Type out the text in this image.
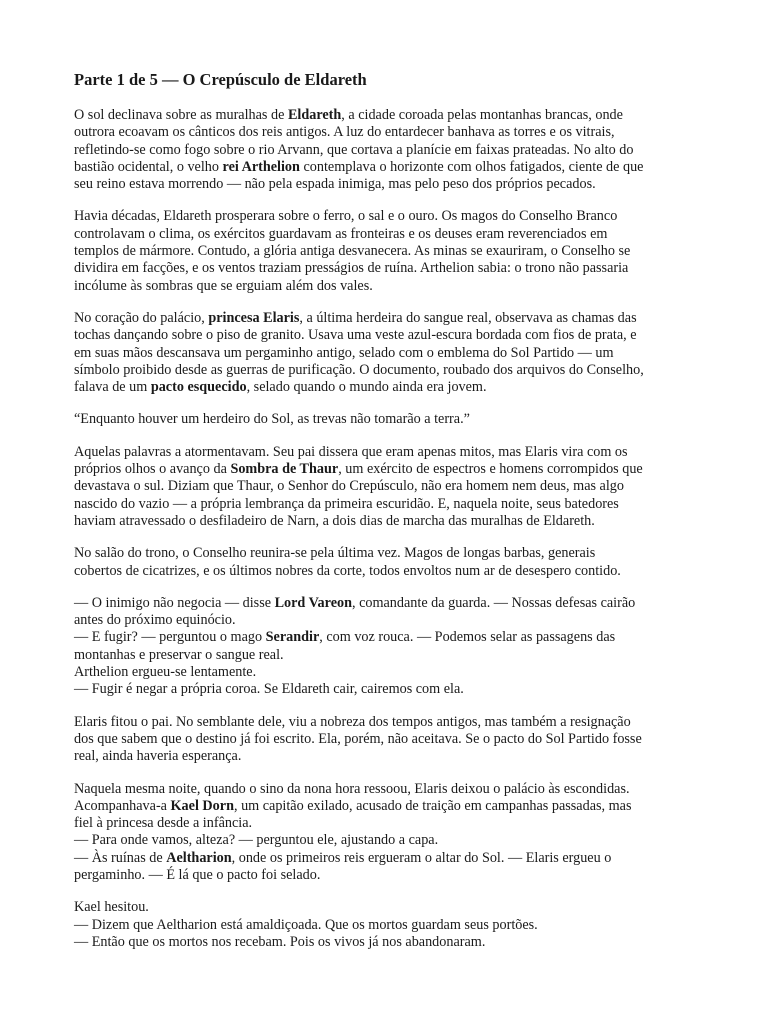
Parte 1 de 5 — O Crepúsculo de Eldareth

O sol declinava sobre as muralhas de Eldareth, a cidade coroada pelas montanhas brancas, onde
outrora ecoavam os cânticos dos reis antigos. A luz do entardecer banhava as torres e os vitrais,
refletindo-se como fogo sobre o rio Arvann, que cortava a planície em faixas prateadas. No alto do
bastião ocidental, o velho rei Arthelion contemplava o horizonte com olhos fatigados, ciente de que
seu reino estava morrendo — não pela espada inimiga, mas pelo peso dos próprios pecados.

Havia décadas, Eldareth prosperara sobre o ferro, o sal e o ouro. Os magos do Conselho Branco
controlavam o clima, os exércitos guardavam as fronteiras e os deuses eram reverenciados em
templos de mármore. Contudo, a glória antiga desvanecera. As minas se exauriram, o Conselho se
dividira em facções, e os ventos traziam presságios de ruína. Arthelion sabia: o trono não passaria
incólume às sombras que se erguiam além dos vales.

No coração do palácio, princesa Elaris, a última herdeira do sangue real, observava as chamas das
tochas dançando sobre o piso de granito. Usava uma veste azul-escura bordada com fios de prata, e
em suas mãos descansava um pergaminho antigo, selado com o emblema do Sol Partido — um
símbolo proibido desde as guerras de purificação. O documento, roubado dos arquivos do Conselho,
falava de um pacto esquecido, selado quando o mundo ainda era jovem.

“Enquanto houver um herdeiro do Sol, as trevas não tomarão a terra.”

Aquelas palavras a atormentavam. Seu pai dissera que eram apenas mitos, mas Elaris vira com os
próprios olhos o avanço da Sombra de Thaur, um exército de espectros e homens corrompidos que
devastava o sul. Diziam que Thaur, o Senhor do Crepúsculo, não era homem nem deus, mas algo
nascido do vazio — a própria lembrança da primeira escuridão. E, naquela noite, seus batedores
haviam atravessado o desfiladeiro de Narn, a dois dias de marcha das muralhas de Eldareth.

No salão do trono, o Conselho reunira-se pela última vez. Magos de longas barbas, generais
cobertos de cicatrizes, e os últimos nobres da corte, todos envoltos num ar de desespero contido.

— O inimigo não negocia — disse Lord Vareon, comandante da guarda. — Nossas defesas cairão
antes do próximo equinócio.
— E fugir? — perguntou o mago Serandir, com voz rouca. — Podemos selar as passagens das
montanhas e preservar o sangue real.
Arthelion ergueu-se lentamente.
— Fugir é negar a própria coroa. Se Eldareth cair, cairemos com ela.

Elaris fitou o pai. No semblante dele, viu a nobreza dos tempos antigos, mas também a resignação
dos que sabem que o destino já foi escrito. Ela, porém, não aceitava. Se o pacto do Sol Partido fosse
real, ainda haveria esperança.

Naquela mesma noite, quando o sino da nona hora ressoou, Elaris deixou o palácio às escondidas.
Acompanhava-a Kael Dorn, um capitão exilado, acusado de traição em campanhas passadas, mas
fiel à princesa desde a infância.
— Para onde vamos, alteza? — perguntou ele, ajustando a capa.
— Às ruínas de Aeltharion, onde os primeiros reis ergueram o altar do Sol. — Elaris ergueu o
pergaminho. — É lá que o pacto foi selado.

Kael hesitou.
— Dizem que Aeltharion está amaldiçoada. Que os mortos guardam seus portões.
— Então que os mortos nos recebam. Pois os vivos já nos abandonaram.
